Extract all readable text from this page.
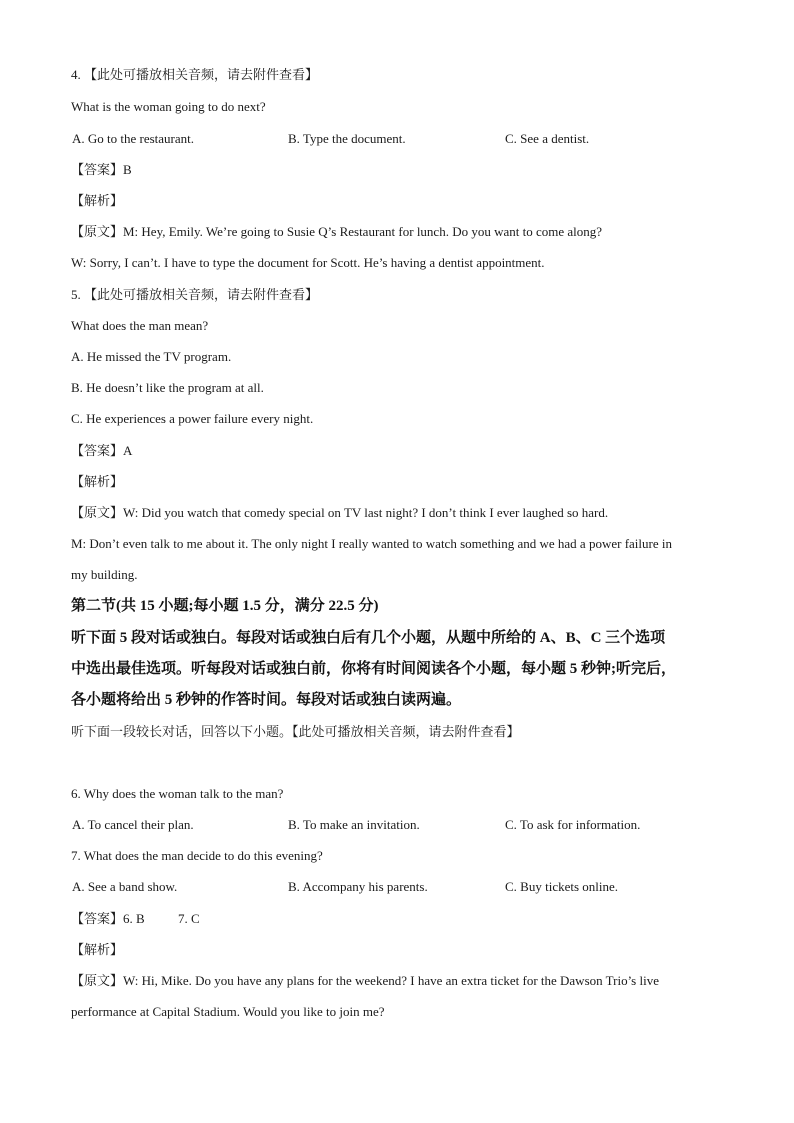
4. 【此处可播放相关音频，请去附件查看】
What is the woman going to do next?
A. Go to the restaurant.	B. Type the document.	C. See a dentist.
【答案】B
【解析】
【原文】M: Hey, Emily. We’re going to Susie Q’s Restaurant for lunch. Do you want to come along?
W: Sorry, I can’t. I have to type the document for Scott. He’s having a dentist appointment.
5. 【此处可播放相关音频，请去附件查看】
What does the man mean?
A. He missed the TV program.
B. He doesn’t like the program at all.
C. He experiences a power failure every night.
【答案】A
【解析】
【原文】W: Did you watch that comedy special on TV last night? I don’t think I ever laughed so hard.
M: Don’t even talk to me about it. The only night I really wanted to watch something and we had a power failure in
my building.
第二节(共 15 小题;每小题 1.5 分，满分 22.5 分)
听下面 5 段对话或独白。每段对话或独白后有几个小题，从题中所给的 A、B、C 三个选项
中选出最佳选项。听每段对话或独白前，你将有时间阅读各个小题，每小题 5 秒钟;听完后，
各小题将给出 5 秒钟的作答时间。每段对话或独白读两遍。
听下面一段较长对话，回答以下小题。【此处可播放相关音频，请去附件查看】
6. Why does the woman talk to the man?
A. To cancel their plan.	B. To make an invitation.	C. To ask for information.
7. What does the man decide to do this evening?
A. See a band show.	B. Accompany his parents.	C. Buy tickets online.
【答案】6. B	7. C
【解析】
【原文】W: Hi, Mike. Do you have any plans for the weekend? I have an extra ticket for the Dawson Trio’s live
performance at Capital Stadium. Would you like to join me?
